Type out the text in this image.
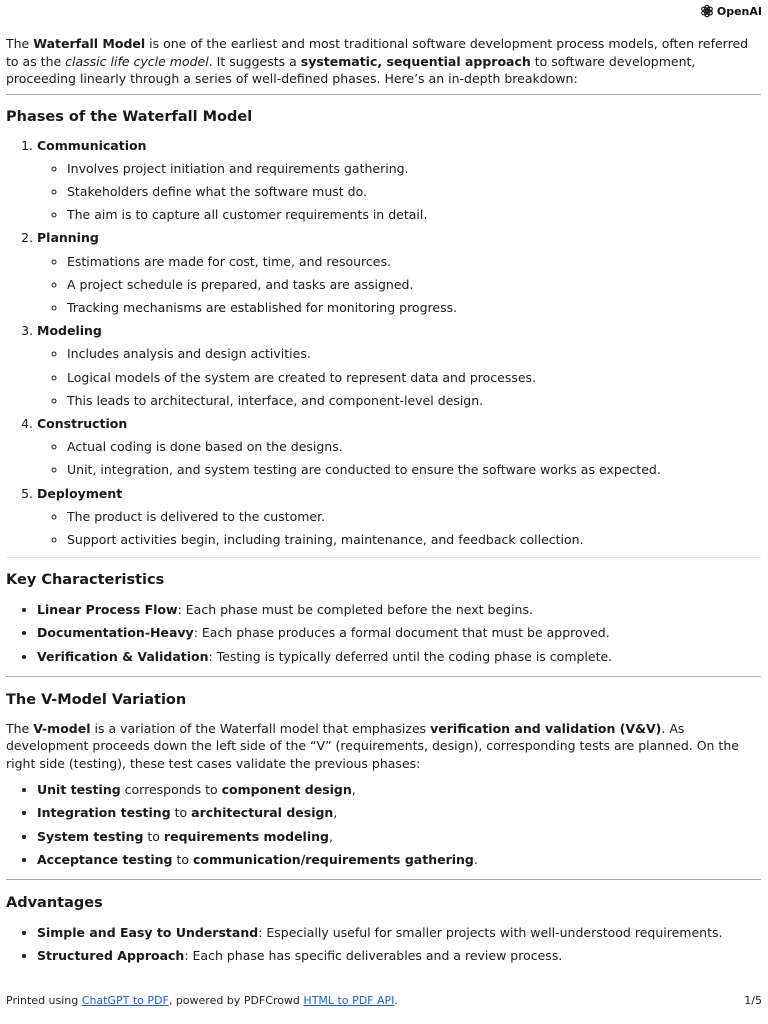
OpenAI

The Waterfall Model is one of the earliest and most traditional software development process models, often referred to as the classic life cycle model. It suggests a systematic, sequential approach to software development, proceeding linearly through a series of well-defined phases. Here’s an in-depth breakdown:

Phases of the Waterfall Model
1. Communication
◦ Involves project initiation and requirements gathering.
◦ Stakeholders define what the software must do.
◦ The aim is to capture all customer requirements in detail.
2. Planning
◦ Estimations are made for cost, time, and resources.
◦ A project schedule is prepared, and tasks are assigned.
◦ Tracking mechanisms are established for monitoring progress.
3. Modeling
◦ Includes analysis and design activities.
◦ Logical models of the system are created to represent data and processes.
◦ This leads to architectural, interface, and component-level design.
4. Construction
◦ Actual coding is done based on the designs.
◦ Unit, integration, and system testing are conducted to ensure the software works as expected.
5. Deployment
◦ The product is delivered to the customer.
◦ Support activities begin, including training, maintenance, and feedback collection.
Key Characteristics
• Linear Process Flow: Each phase must be completed before the next begins.
• Documentation-Heavy: Each phase produces a formal document that must be approved.
• Verification & Validation: Testing is typically deferred until the coding phase is complete.
The V-Model Variation

The V-model is a variation of the Waterfall model that emphasizes verification and validation (V&V). As development proceeds down the left side of the “V” (requirements, design), corresponding tests are planned. On the right side (testing), these test cases validate the previous phases:

• Unit testing corresponds to component design,
• Integration testing to architectural design,
• System testing to requirements modeling,
• Acceptance testing to communication/requirements gathering.
Advantages
• Simple and Easy to Understand: Especially useful for smaller projects with well-understood requirements.
• Structured Approach: Each phase has specific deliverables and a review process.
Printed using ChatGPT to PDF, powered by PDFCrowd HTML to PDF API.	1/5
